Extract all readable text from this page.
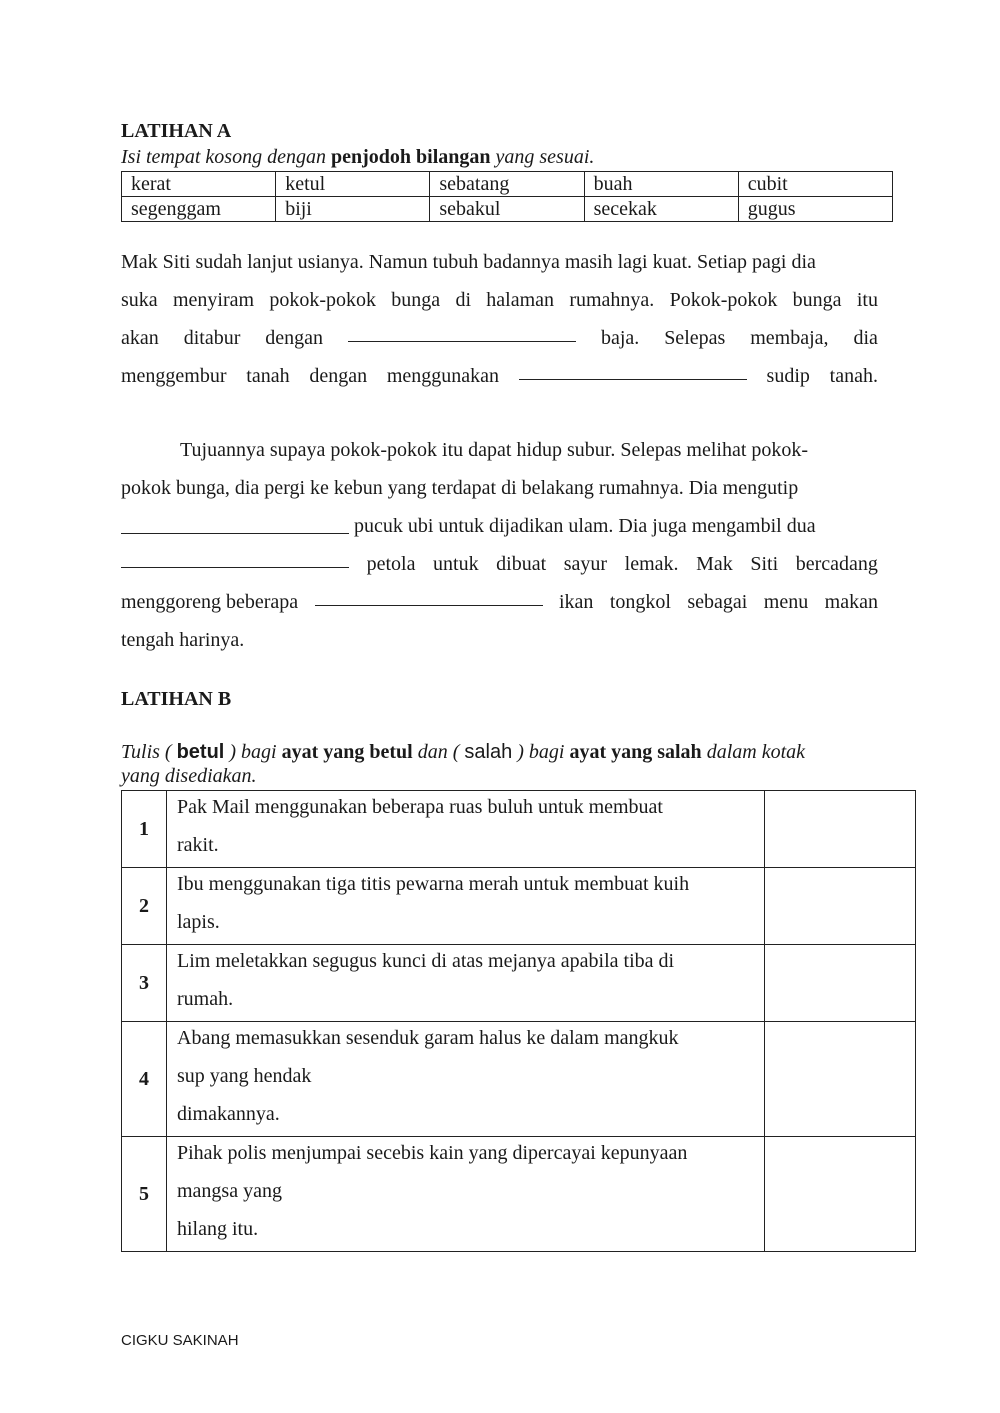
LATIHAN A

Isi tempat kosong dengan penjodoh bilangan yang sesuai.

kerat	ketul	sebatang	buah	cubit
segenggam	biji	sebakul	secekak	gugus
Mak Siti sudah lanjut usianya. Namun tubuh badannya masih lagi kuat. Setiap pagi dia
suka menyiram pokok-pokok bunga di halaman rumahnya. Pokok-pokok bunga itu
akan ditabur dengan	baja. Selepas membaja, dia
menggembur tanah dengan menggunakan	sudip tanah.
Tujuannya supaya pokok-pokok itu dapat hidup subur. Selepas melihat pokok-
pokok bunga, dia pergi ke kebun yang terdapat di belakang rumahnya. Dia mengutip
pucuk ubi untuk dijadikan ulam. Dia juga mengambil dua
petola untuk dibuat sayur lemak. Mak Siti bercadang
menggoreng beberapa	ikan tongkol sebagai menu makan
tengah harinya.
LATIHAN B

Tulis ( betul ) bagi ayat yang betul dan ( salah ) bagi ayat yang salah dalam kotak
yang disediakan.

1	Pak Mail menggunakan beberapa ruas buluh untuk membuat
rakit.	

2	Ibu menggunakan tiga titis pewarna merah untuk membuat kuih
lapis.	

3	Lim meletakkan segugus kunci di atas mejanya apabila tiba di
rumah.	

4	Abang memasukkan sesenduk garam halus ke dalam mangkuk
sup yang hendak
dimakannya.	

5	Pihak polis menjumpai secebis kain yang dipercayai kepunyaan
mangsa yang
hilang itu.	

CIGKU SAKINAH
